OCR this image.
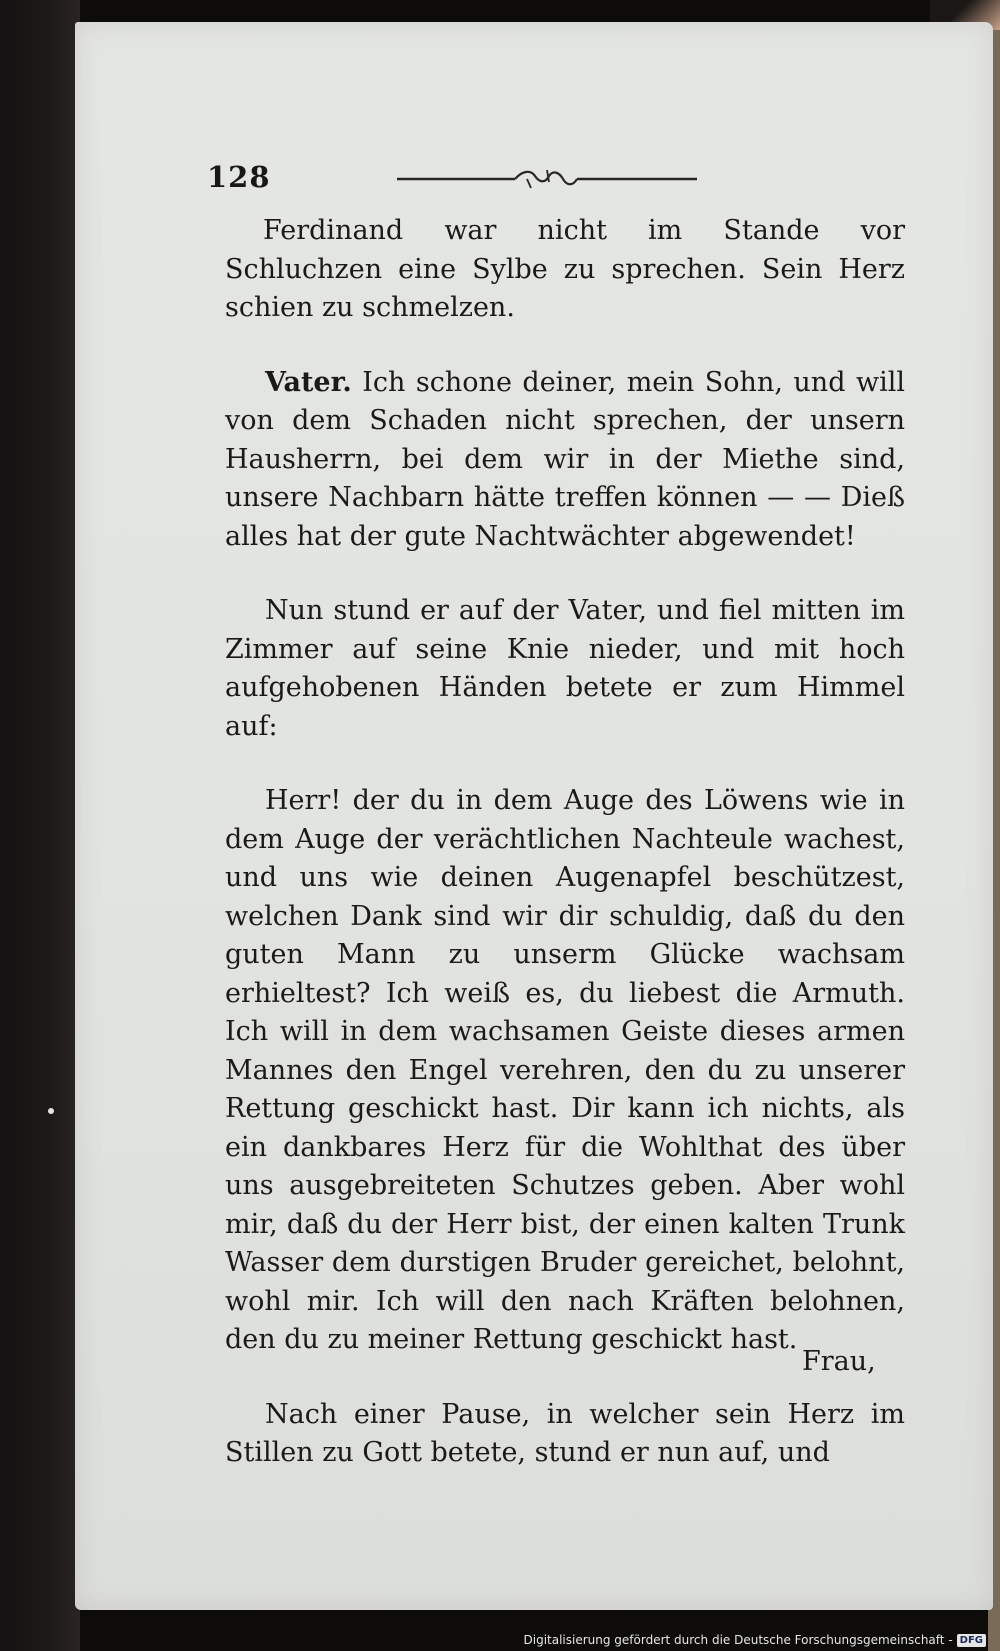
128

Ferdinand war nicht im Stande vor Schluchzen eine Sylbe zu sprechen. Sein Herz schien zu schmelzen.

Vater. Ich schone deiner, mein Sohn, und will von dem Schaden nicht sprechen, der unsern Hausherrn, bei dem wir in der Miethe sind, unsere Nachbarn hätte treffen können — — Dieß alles hat der gute Nachtwächter abgewendet!

Nun stund er auf der Vater, und fiel mitten im Zimmer auf seine Knie nieder, und mit hoch aufgehobenen Händen betete er zum Himmel auf:

Herr! der du in dem Auge des Löwens wie in dem Auge der verächtlichen Nachteule wachest, und uns wie deinen Augenapfel beschützest, welchen Dank sind wir dir schuldig, daß du den guten Mann zu unserm Glücke wachsam erhieltest? Ich weiß es, du liebest die Armuth. Ich will in dem wachsamen Geiste dieses armen Mannes den Engel verehren, den du zu unserer Rettung geschickt hast. Dir kann ich nichts, als ein dankbares Herz für die Wohlthat des über uns ausgebreiteten Schutzes geben. Aber wohl mir, daß du der Herr bist, der einen kalten Trunk Wasser dem durstigen Bruder gereichet, belohnt, wohl mir. Ich will den nach Kräften belohnen, den du zu meiner Rettung geschickt hast.

Nach einer Pause, in welcher sein Herz im Stillen zu Gott betete, stund er nun auf, und

Frau,
Digitalisierung gefördert durch die Deutsche Forschungsgemeinschaft - DFG
